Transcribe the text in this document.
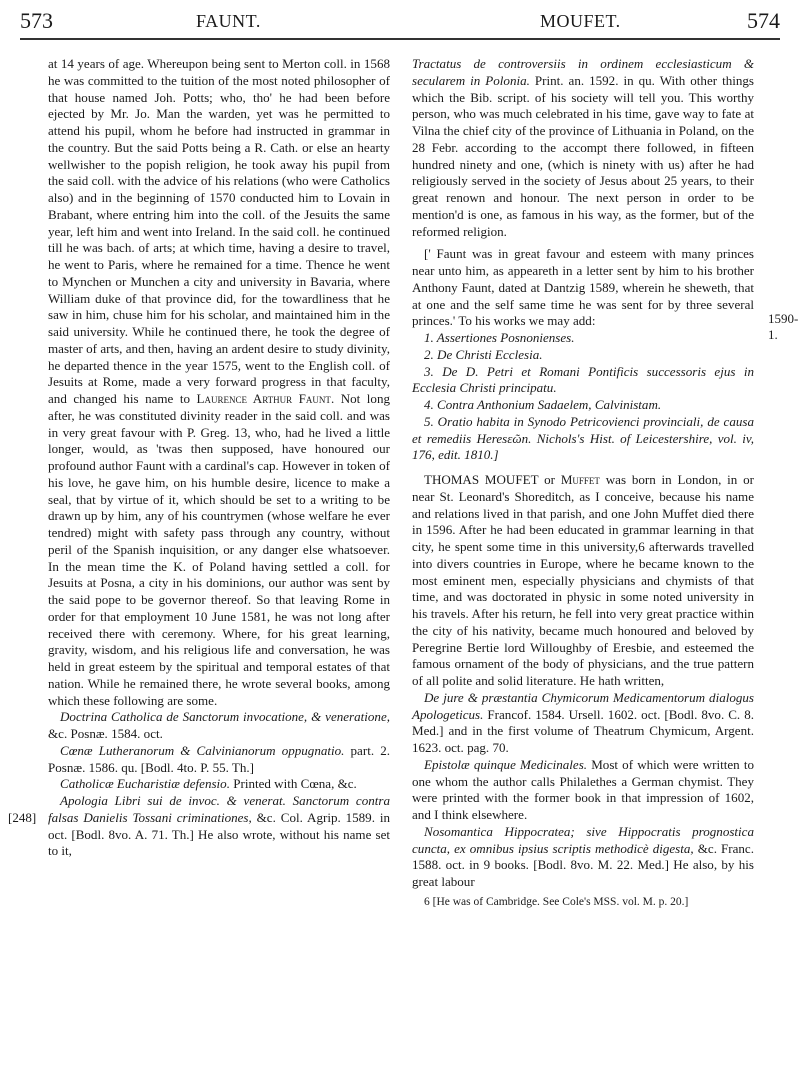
573	FAUNT.	MOUFET.	574
[248]
1590-1.

at 14 years of age. Whereupon being sent to Merton coll. in 1568 he was committed to the tuition of the most noted philosopher of that house named Joh. Potts; who, tho' he had been before ejected by Mr. Jo. Man the warden, yet was he permitted to attend his pupil, whom he before had instructed in grammar in the country. But the said Potts being a R. Cath. or else an hearty wellwisher to the popish religion, he took away his pupil from the said coll. with the advice of his relations (who were Catholics also) and in the beginning of 1570 conducted him to Lovain in Brabant, where entring him into the coll. of the Jesuits the same year, left him and went into Ireland. In the said coll. he continued till he was bach. of arts; at which time, having a desire to travel, he went to Paris, where he remained for a time. Thence he went to Mynchen or Munchen a city and university in Bavaria, where William duke of that province did, for the towardliness that he saw in him, chuse him for his scholar, and maintained him in the said university. While he continued there, he took the degree of master of arts, and then, having an ardent desire to study divinity, he departed thence in the year 1575, went to the English coll. of Jesuits at Rome, made a very forward progress in that faculty, and changed his name to Laurence Arthur Faunt. Not long after, he was constituted divinity reader in the said coll. and was in very great favour with P. Greg. 13, who, had he lived a little longer, would, as 'twas then supposed, have honoured our profound author Faunt with a cardinal's cap. However in token of his love, he gave him, on his humble desire, licence to make a seal, that by virtue of it, which should be set to a writing to be drawn up by him, any of his countrymen (whose welfare he ever tendred) might with safety pass through any country, without peril of the Spanish inquisition, or any danger else whatsoever. In the mean time the K. of Poland having settled a coll. for Jesuits at Posna, a city in his dominions, our author was sent by the said pope to be governor thereof. So that leaving Rome in order for that employment 10 June 1581, he was not long after received there with ceremony. Where, for his great learning, gravity, wisdom, and his religious life and conversation, he was held in great esteem by the spiritual and temporal estates of that nation. While he remained there, he wrote several books, among which these following are some.

Doctrina Catholica de Sanctorum invocatione, & veneratione, &c. Posnæ. 1584. oct.

Cœnæ Lutheranorum & Calvinianorum oppugnatio. part. 2. Posnæ. 1586. qu. [Bodl. 4to. P. 55. Th.]

Catholicæ Eucharistiæ defensio. Printed with Cœna, &c.

Apologia Libri sui de invoc. & venerat. Sanctorum contra falsas Danielis Tossani criminationes, &c. Col. Agrip. 1589. in oct. [Bodl. 8vo. A. 71. Th.] He also wrote, without his name set to it,

Tractatus de controversiis in ordinem ecclesiasticum & secularem in Polonia. Print. an. 1592. in qu. With other things which the Bib. script. of his society will tell you. This worthy person, who was much celebrated in his time, gave way to fate at Vilna the chief city of the province of Lithuania in Poland, on the 28 Febr. according to the accompt there followed, in fifteen hundred ninety and one, (which is ninety with us) after he had religiously served in the society of Jesus about 25 years, to their great renown and honour. The next person in order to be mention'd is one, as famous in his way, as the former, but of the reformed religion.

[' Faunt was in great favour and esteem with many princes near unto him, as appeareth in a letter sent by him to his brother Anthony Faunt, dated at Dantzig 1589, wherein he sheweth, that at one and the self same time he was sent for by three several princes.' To his works we may add:

1. Assertiones Posnonienses.

2. De Christi Ecclesia.

3. De D. Petri et Romani Pontificis successoris ejus in Ecclesia Christi principatu.

4. Contra Anthonium Sadaelem, Calvinistam.

5. Oratio habita in Synodo Petricovienci provinciali, de causa et remediis Heresεῶn. Nichols's Hist. of Leicestershire, vol. iv, 176, edit. 1810.]

THOMAS MOUFET or Muffet was born in London, in or near St. Leonard's Shoreditch, as I conceive, because his name and relations lived in that parish, and one John Muffet died there in 1596. After he had been educated in grammar learning in that city, he spent some time in this university,6 afterwards travelled into divers countries in Europe, where he became known to the most eminent men, especially physicians and chymists of that time, and was doctorated in physic in some noted university in his travels. After his return, he fell into very great practice within the city of his nativity, became much honoured and beloved by Peregrine Bertie lord Willoughby of Eresbie, and esteemed the famous ornament of the body of physicians, and the true pattern of all polite and solid literature. He hath written,

De jure & præstantia Chymicorum Medicamentorum dialogus Apologeticus. Francof. 1584. Ursell. 1602. oct. [Bodl. 8vo. C. 8. Med.] and in the first volume of Theatrum Chymicum, Argent. 1623. oct. pag. 70.

Epistolæ quinque Medicinales. Most of which were written to one whom the author calls Philalethes a German chymist. They were printed with the former book in that impression of 1602, and I think elsewhere.

Nosomantica Hippocratea; sive Hippocratis prognostica cuncta, ex omnibus ipsius scriptis methodicè digesta, &c. Franc. 1588. oct. in 9 books. [Bodl. 8vo. M. 22. Med.] He also, by his great labour

6 [He was of Cambridge. See Cole's MSS. vol. M. p. 20.]
